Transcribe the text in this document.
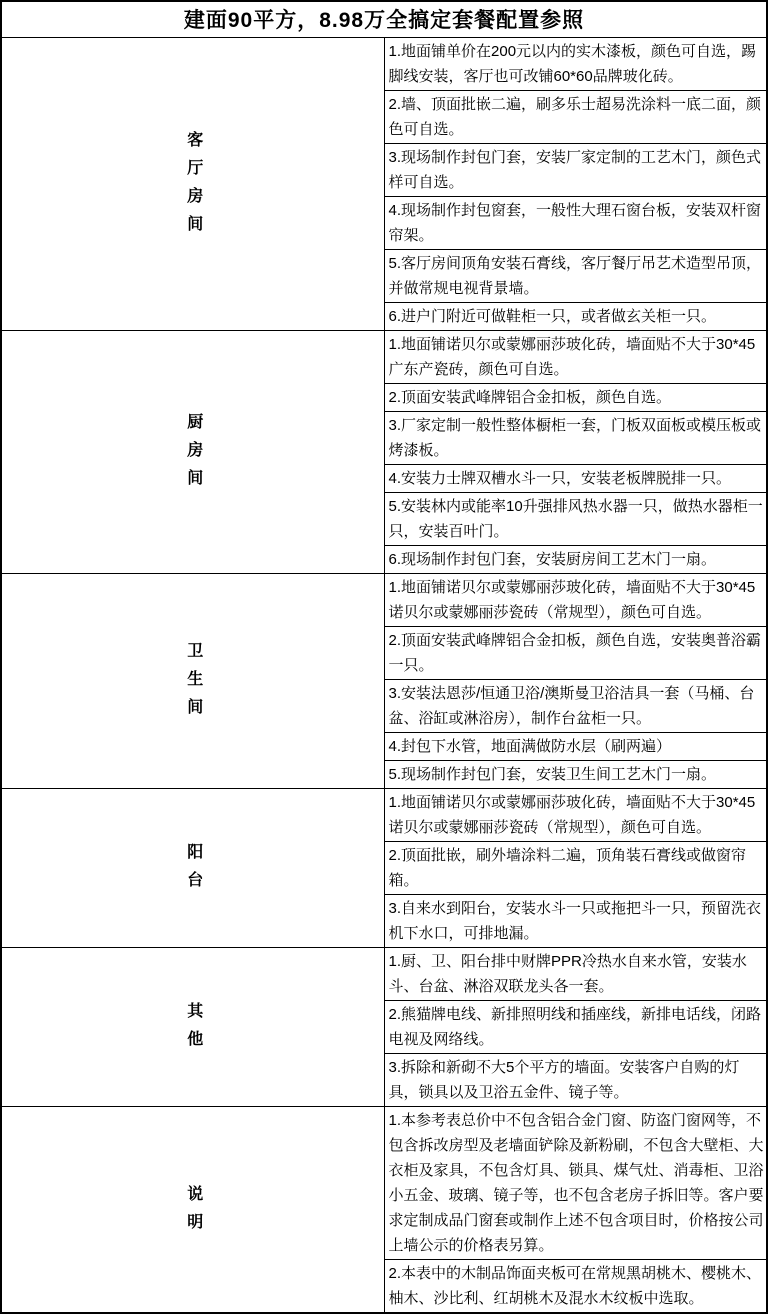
建面90平方，8.98万全搞定套餐配置参照	
客厅房间	1.地面铺单价在200元以内的实木漆板，颜色可自选，踢脚线安装，客厅也可改铺60*60品牌玻化砖。
	2.墙、顶面批嵌二遍，刷多乐士超易洗涂料一底二面，颜色可自选。
	3.现场制作封包门套，安装厂家定制的工艺木门，颜色式样可自选。
	4.现场制作封包窗套，一般性大理石窗台板，安装双杆窗帘架。
	5.客厅房间顶角安装石膏线，客厅餐厅吊艺术造型吊顶，并做常规电视背景墙。
	6.进户门附近可做鞋柜一只，或者做玄关柜一只。
厨房间	1.地面铺诺贝尔或蒙娜丽莎玻化砖，墙面贴不大于30*45广东产瓷砖，颜色可自选。
	2.顶面安装武峰牌铝合金扣板，颜色自选。
	3.厂家定制一般性整体橱柜一套，门板双面板或模压板或烤漆板。
	4.安装力士牌双槽水斗一只，安装老板牌脱排一只。
	5.安装林内或能率10升强排风热水器一只，做热水器柜一只，安装百叶门。
	6.现场制作封包门套，安装厨房间工艺木门一扇。
卫生间	1.地面铺诺贝尔或蒙娜丽莎玻化砖，墙面贴不大于30*45诺贝尔或蒙娜丽莎瓷砖（常规型），颜色可自选。
	2.顶面安装武峰牌铝合金扣板，颜色自选，安装奥普浴霸一只。
	3.安装法恩莎/恒通卫浴/澳斯曼卫浴洁具一套（马桶、台盆、浴缸或淋浴房），制作台盆柜一只。
	4.封包下水管，地面满做防水层（刷两遍）
	5.现场制作封包门套，安装卫生间工艺木门一扇。
阳台	1.地面铺诺贝尔或蒙娜丽莎玻化砖，墙面贴不大于30*45诺贝尔或蒙娜丽莎瓷砖（常规型），颜色可自选。
	2.顶面批嵌，刷外墙涂料二遍，顶角装石膏线或做窗帘箱。
	3.自来水到阳台，安装水斗一只或拖把斗一只，预留洗衣机下水口，可排地漏。
其他	1.厨、卫、阳台排中财牌PPR冷热水自来水管，安装水斗、台盆、淋浴双联龙头各一套。
	2.熊猫牌电线、新排照明线和插座线，新排电话线，闭路电视及网络线。
	3.拆除和新砌不大5个平方的墙面。安装客户自购的灯具，锁具以及卫浴五金件、镜子等。
说明	1.本参考表总价中不包含铝合金门窗、防盗门窗网等，不包含拆改房型及老墙面铲除及新粉刷，不包含大壁柜、大衣柜及家具，不包含灯具、锁具、煤气灶、消毒柜、卫浴小五金、玻璃、镜子等，也不包含老房子拆旧等。客户要求定制成品门窗套或制作上述不包含项目时，价格按公司上墙公示的价格表另算。
	2.本表中的木制品饰面夹板可在常规黑胡桃木、樱桃木、柚木、沙比利、红胡桃木及混水木纹板中选取。
